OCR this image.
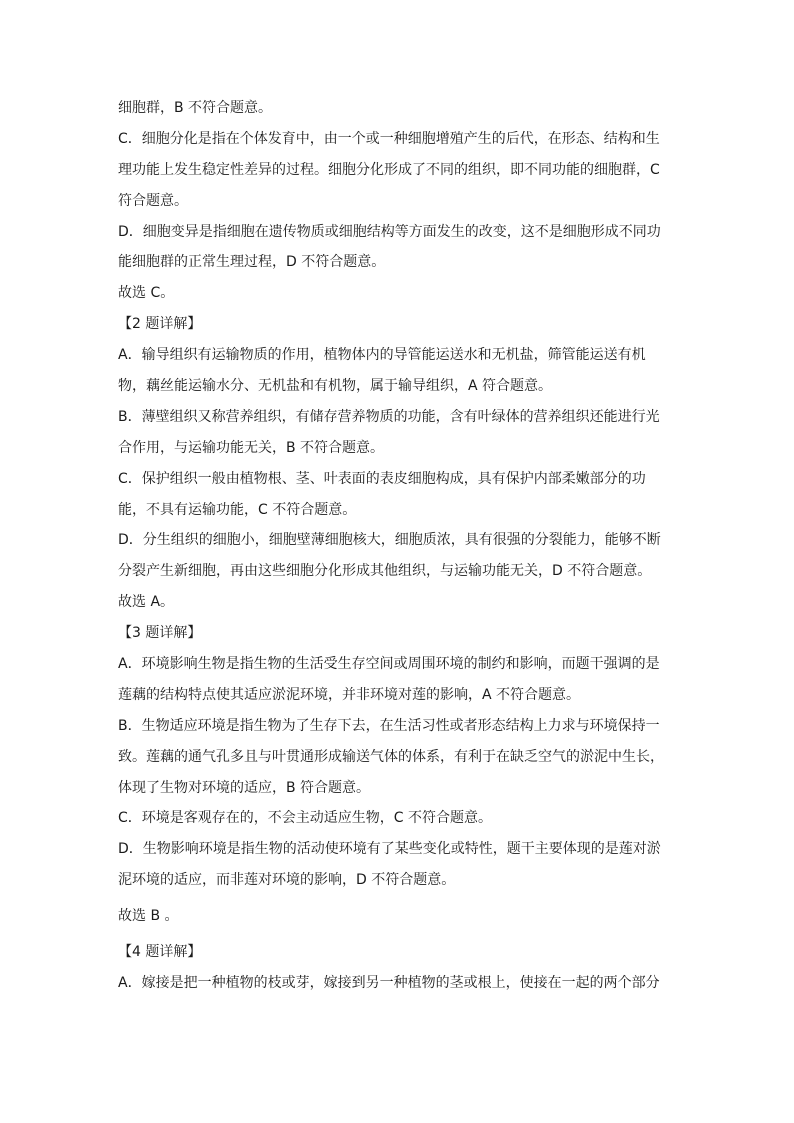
细胞群，B 不符合题意。

C．细胞分化是指在个体发育中，由一个或一种细胞增殖产生的后代，在形态、结构和生

理功能上发生稳定性差异的过程。细胞分化形成了不同的组织，即不同功能的细胞群，C

符合题意。

D．细胞变异是指细胞在遗传物质或细胞结构等方面发生的改变，这不是细胞形成不同功

能细胞群的正常生理过程，D 不符合题意。

故选 C。

【2 题详解】

A．输导组织有运输物质的作用，植物体内的导管能运送水和无机盐，筛管能运送有机

物，藕丝能运输水分、无机盐和有机物，属于输导组织，A 符合题意。

B．薄壁组织又称营养组织，有储存营养物质的功能，含有叶绿体的营养组织还能进行光

合作用，与运输功能无关，B 不符合题意。

C．保护组织一般由植物根、茎、叶表面的表皮细胞构成，具有保护内部柔嫩部分的功

能，不具有运输功能，C 不符合题意。

D．分生组织的细胞小，细胞壁薄细胞核大，细胞质浓，具有很强的分裂能力，能够不断

分裂产生新细胞，再由这些细胞分化形成其他组织，与运输功能无关，D 不符合题意。

故选 A。

【3 题详解】

A．环境影响生物是指生物的生活受生存空间或周围环境的制约和影响，而题干强调的是

莲藕的结构特点使其适应淤泥环境，并非环境对莲的影响，A 不符合题意。

B．生物适应环境是指生物为了生存下去，在生活习性或者形态结构上力求与环境保持一

致。莲藕的通气孔多且与叶贯通形成输送气体的体系，有利于在缺乏空气的淤泥中生长，

体现了生物对环境的适应，B 符合题意。

C．环境是客观存在的，不会主动适应生物，C 不符合题意。

D．生物影响环境是指生物的活动使环境有了某些变化或特性，题干主要体现的是莲对淤

泥环境的适应，而非莲对环境的影响，D 不符合题意。

故选 B 。

【4 题详解】

A．嫁接是把一种植物的枝或芽，嫁接到另一种植物的茎或根上，使接在一起的两个部分
